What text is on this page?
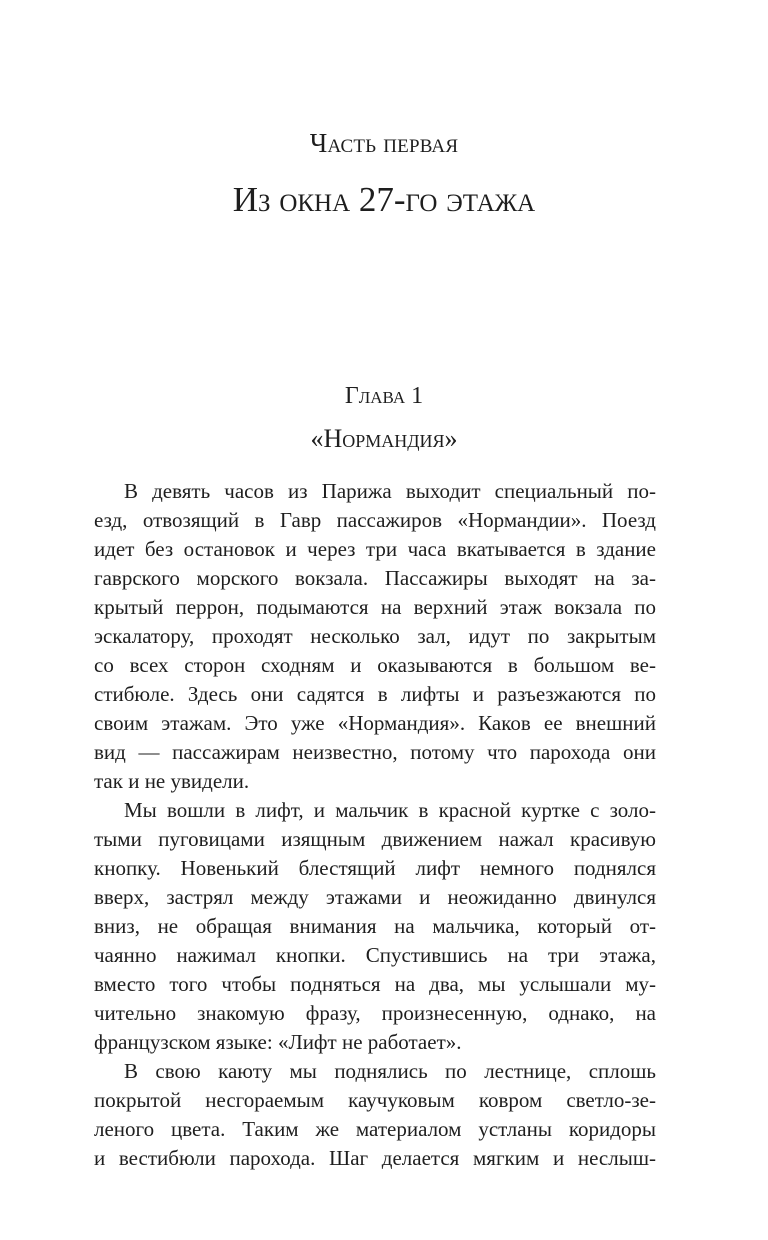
Часть первая
Из окна 27-го этажа
Глава 1
«Нормандия»
В девять часов из Парижа выходит специальный по-
езд, отвозящий в Гавр пассажиров «Нормандии». Поезд
идет без остановок и через три часа вкатывается в здание
гаврского морского вокзала. Пассажиры выходят на за-
крытый перрон, подымаются на верхний этаж вокзала по
эскалатору, проходят несколько зал, идут по закрытым
со всех сторон сходням и оказываются в большом ве-
стибюле. Здесь они садятся в лифты и разъезжаются по
своим этажам. Это уже «Нормандия». Каков ее внешний
вид — пассажирам неизвестно, потому что парохода они
так и не увидели.
Мы вошли в лифт, и мальчик в красной куртке с золо-
тыми пуговицами изящным движением нажал красивую
кнопку. Новенький блестящий лифт немного поднялся
вверх, застрял между этажами и неожиданно двинулся
вниз, не обращая внимания на мальчика, который от-
чаянно нажимал кнопки. Спустившись на три этажа,
вместо того чтобы подняться на два, мы услышали му-
чительно знакомую фразу, произнесенную, однако, на
французском языке: «Лифт не работает».
В свою каюту мы поднялись по лестнице, сплошь
покрытой несгораемым каучуковым ковром светло-зе-
леного цвета. Таким же материалом устланы коридоры
и вестибюли парохода. Шаг делается мягким и неслыш-
